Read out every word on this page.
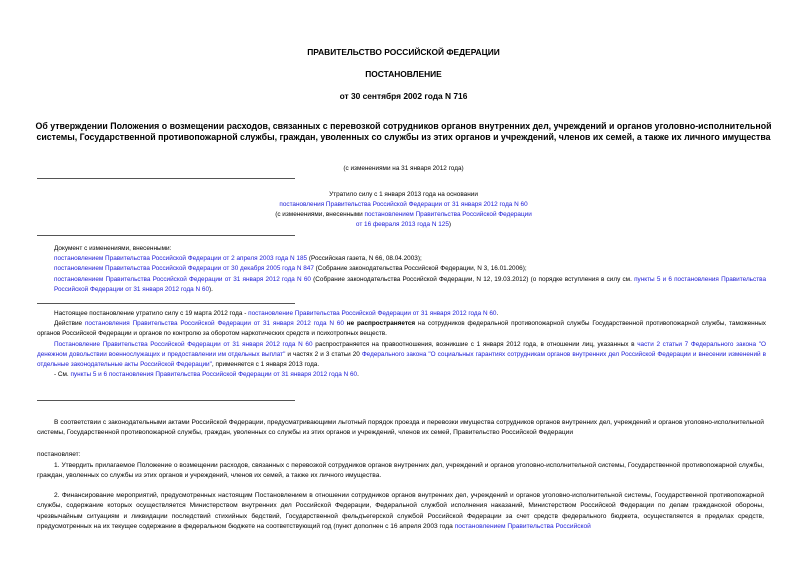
ПРАВИТЕЛЬСТВО РОССИЙСКОЙ ФЕДЕРАЦИИ
ПОСТАНОВЛЕНИЕ
от 30 сентября 2002 года N 716
Об утверждении Положения о возмещении расходов, связанных с перевозкой сотрудников органов внутренних дел, учреждений и органов уголовно-исполнительной системы, Государственной противопожарной службы, граждан, уволенных со службы из этих органов и учреждений, членов их семей, а также их личного имущества
(с изменениями на 31 января 2012 года)
Утратило силу с 1 января 2013 года на основании
постановления Правительства Российской Федерации от 31 января 2012 года N 60
(с изменениями, внесенными постановлением Правительства Российской Федерации
от 16 февраля 2013 года N 125)
Документ с изменениями, внесенными:
постановлением Правительства Российской Федерации от 2 апреля 2003 года N 185 (Российская газета, N 66, 08.04.2003);
постановлением Правительства Российской Федерации от 30 декабря 2005 года N 847 (Собрание законодательства Российской Федерации, N 3, 16.01.2006);
постановлением Правительства Российской Федерации от 31 января 2012 года N 60 (Собрание законодательства Российской Федерации, N 12, 19.03.2012) (о порядке вступления в силу см. пункты 5 и 6 постановления Правительства Российской Федерации от 31 января 2012 года N 60).
Настоящее постановление утратило силу с 19 марта 2012 года - постановление Правительства Российской Федерации от 31 января 2012 года N 60.
Действие постановления Правительства Российской Федерации от 31 января 2012 года N 60 не распространяется на сотрудников федеральной противопожарной службы Государственной противопожарной службы, таможенных органов Российской Федерации и органов по контролю за оборотом наркотических средств и психотропных веществ.
Постановление Правительства Российской Федерации от 31 января 2012 года N 60 распространяется на правоотношения, возникшие с 1 января 2012 года, в отношении лиц, указанных в части 2 статьи 7 Федерального закона "О денежном довольствии военнослужащих и предоставлении им отдельных выплат" и частях 2 и 3 статьи 20 Федерального закона "О социальных гарантиях сотрудникам органов внутренних дел Российской Федерации и внесении изменений в отдельные законодательные акты Российской Федерации", применяется с 1 января 2013 года.
- См. пункты 5 и 6 постановления Правительства Российской Федерации от 31 января 2012 года N 60.
В соответствии с законодательными актами Российской Федерации, предусматривающими льготный порядок проезда и перевозки имущества сотрудников органов внутренних дел, учреждений и органов уголовно-исполнительной системы, Государственной противопожарной службы, граждан, уволенных со службы из этих органов и учреждений, членов их семей, Правительство Российской Федерации
постановляет:
1. Утвердить прилагаемое Положение о возмещении расходов, связанных с перевозкой сотрудников органов внутренних дел, учреждений и органов уголовно-исполнительной системы, Государственной противопожарной службы, граждан, уволенных со службы из этих органов и учреждений, членов их семей, а также их личного имущества.
2. Финансирование мероприятий, предусмотренных настоящим Постановлением в отношении сотрудников органов внутренних дел, учреждений и органов уголовно-исполнительной системы, Государственной противопожарной службы, содержание которых осуществляется Министерством внутренних дел Российской Федерации, Федеральной службой исполнения наказаний, Министерством Российской Федерации по делам гражданской обороны, чрезвычайным ситуациям и ликвидации последствий стихийных бедствий, Государственной фельдъегерской службой Российской Федерации за счет средств федерального бюджета, осуществляется в пределах средств, предусмотренных на их текущее содержание в федеральном бюджете на соответствующий год (пункт дополнен с 16 апреля 2003 года постановлением Правительства Российской
